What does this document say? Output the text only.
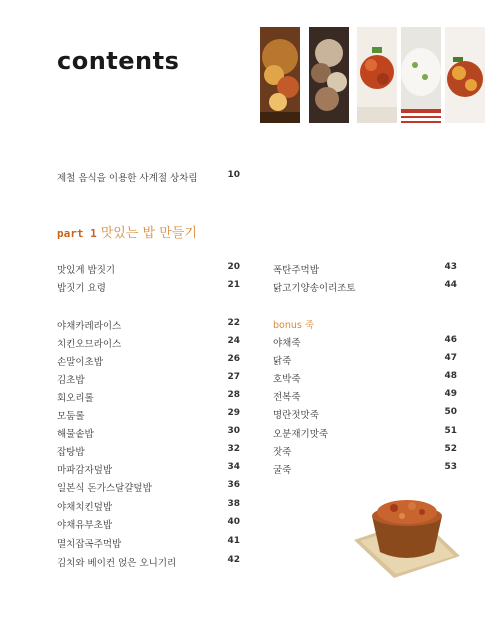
contents
제철 음식을 이용한 사계절 상차림	10
part 1 맛있는 밥 만들기
맛있게 밥짓기	20
밥짓기 요령	21
야채카레라이스	22
치킨오므라이스	24
손말이초밥	26
김초밥	27
회오리롤	28
모둠롤	29
해물솥밥	30
잡탕밥	32
마파감자덮밥	34
일본식 돈가스달걀덮밥	36
야채치킨덮밥	38
야채유부초밥	40
멸치잡곡주먹밥	41
김치와 베이컨 얹은 오니기리	42
폭탄주먹밥	43
닭고기양송이리조토	44
bonus 죽
야채죽	46
닭죽	47
호박죽	48
전복죽	49
명란젓맛죽	50
오분재기맛죽	51
잣죽	52
굴죽	53
